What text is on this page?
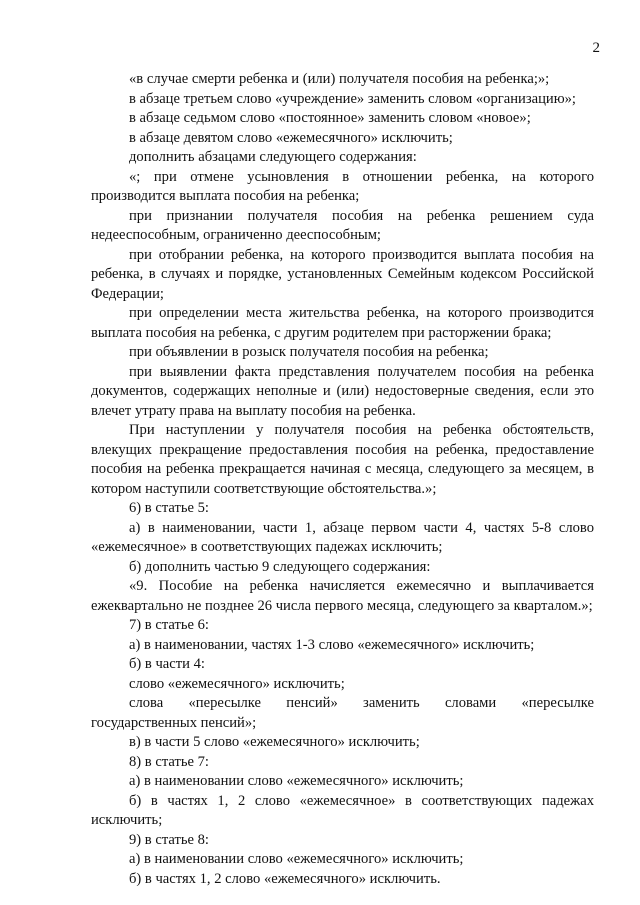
2

«в случае смерти ребенка и (или) получателя пособия на ребенка;»;

в абзаце третьем слово «учреждение» заменить словом «организацию»;

в абзаце седьмом слово «постоянное» заменить словом «новое»;

в абзаце девятом слово «ежемесячного» исключить;

дополнить абзацами следующего содержания:

«; при отмене усыновления в отношении ребенка, на которого производится выплата пособия на ребенка;

при признании получателя пособия на ребенка решением суда недееспособным, ограниченно дееспособным;

при отобрании ребенка, на которого производится выплата пособия на ребенка, в случаях и порядке, установленных Семейным кодексом Российской Федерации;

при определении места жительства ребенка, на которого производится выплата пособия на ребенка, с другим родителем при расторжении брака;

при объявлении в розыск получателя пособия на ребенка;

при выявлении факта представления получателем пособия на ребенка документов, содержащих неполные и (или) недостоверные сведения, если это влечет утрату права на выплату пособия на ребенка.

При наступлении у получателя пособия на ребенка обстоятельств, влекущих прекращение предоставления пособия на ребенка, предоставление пособия на ребенка прекращается начиная с месяца, следующего за месяцем, в котором наступили соответствующие обстоятельства.»;

6) в статье 5:

а) в наименовании, части 1, абзаце первом части 4, частях 5-8 слово «ежемесячное» в соответствующих падежах исключить;

б) дополнить частью 9 следующего содержания:

«9. Пособие на ребенка начисляется ежемесячно и выплачивается ежеквартально не позднее 26 числа первого месяца, следующего за кварталом.»;

7) в статье 6:

а) в наименовании, частях 1-3 слово «ежемесячного» исключить;

б) в части 4:

слово «ежемесячного» исключить;

слова «пересылке пенсий» заменить словами «пересылке государственных пенсий»;

в) в части 5 слово «ежемесячного» исключить;

8) в статье 7:

а) в наименовании слово «ежемесячного» исключить;

б) в частях 1, 2 слово «ежемесячное» в соответствующих падежах исключить;

9) в статье 8:

а) в наименовании слово «ежемесячного» исключить;

б) в частях 1, 2 слово «ежемесячного» исключить.
